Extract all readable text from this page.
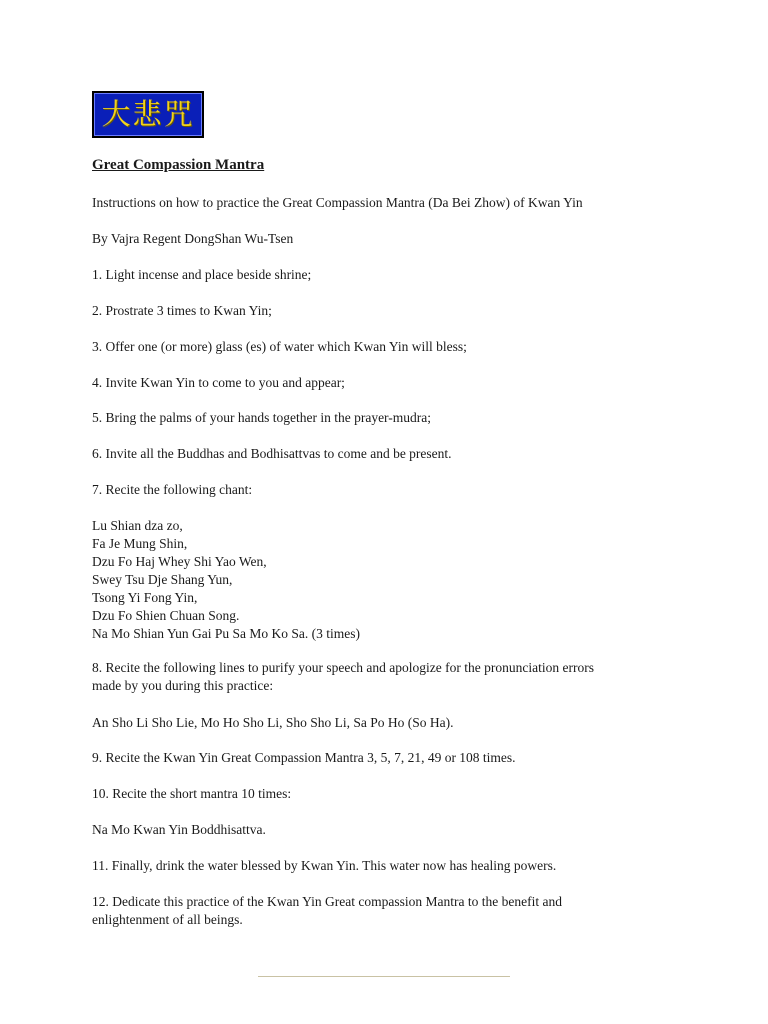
大悲咒
Great Compassion Mantra
Instructions on how to practice the Great Compassion Mantra (Da Bei Zhow) of Kwan Yin
By Vajra Regent DongShan Wu-Tsen
1. Light incense and place beside shrine;
2. Prostrate 3 times to Kwan Yin;
3. Offer one (or more) glass (es) of water which Kwan Yin will bless;
4. Invite Kwan Yin to come to you and appear;
5. Bring the palms of your hands together in the prayer-mudra;
6. Invite all the Buddhas and Bodhisattvas to come and be present.
7. Recite the following chant:
Lu Shian dza zo,
Fa Je Mung Shin,
Dzu Fo Haj Whey Shi Yao Wen,
Swey Tsu Dje Shang Yun,
Tsong Yi Fong Yin,
Dzu Fo Shien Chuan Song.
Na Mo Shian Yun Gai Pu Sa Mo Ko Sa. (3 times)
8. Recite the following lines to purify your speech and apologize for the pronunciation errors
made by you during this practice:
An Sho Li Sho Lie, Mo Ho Sho Li, Sho Sho Li, Sa Po Ho (So Ha).
9. Recite the Kwan Yin Great Compassion Mantra 3, 5, 7, 21, 49 or 108 times.
10. Recite the short mantra 10 times:
Na Mo Kwan Yin Boddhisattva.
11. Finally, drink the water blessed by Kwan Yin. This water now has healing powers.
12. Dedicate this practice of the Kwan Yin Great compassion Mantra to the benefit and
enlightenment of all beings.
